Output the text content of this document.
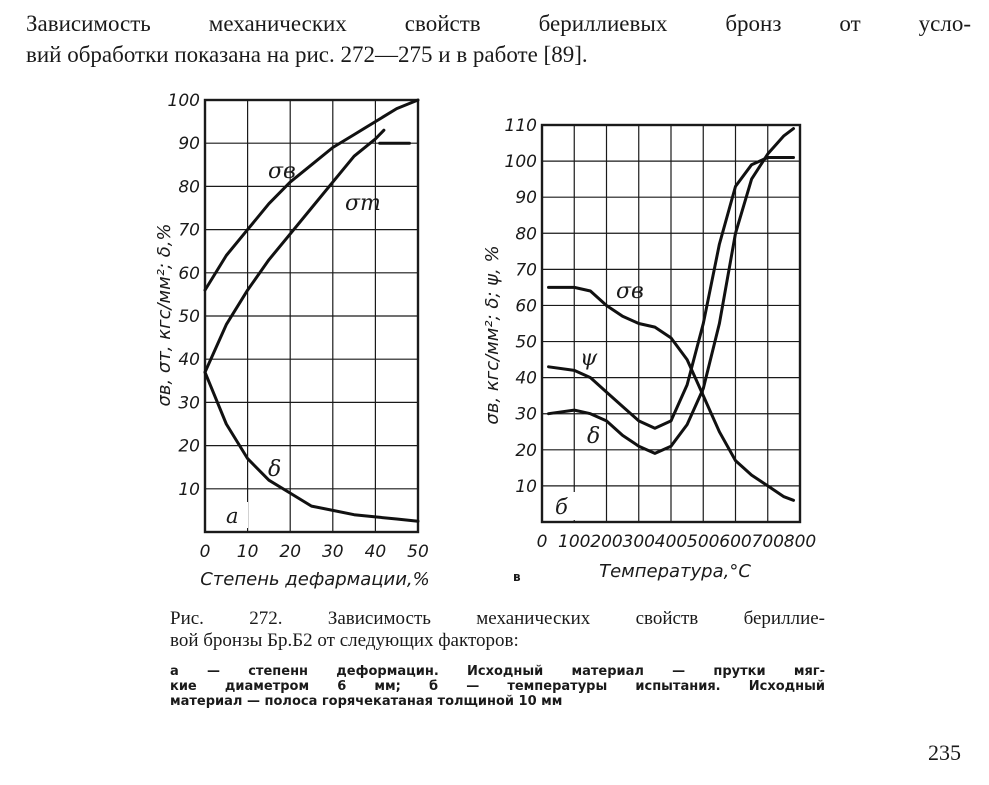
Зависимость механических свойств бериллиевых бронз от усло-
вий обработки показана на рис. 272—275 и в работе [89].

0 10 20 30 40 50
10
20
30
40
50
60
70
80
90
100
а
σв
σт
δ
Степень дефармации,%
σв, σт, кгс/мм²; δ,%
0 100 200 300 400 500 600 700 800
10
20
30
40
50
60
70
80
90
100
110
б
σв
ψ
δ
Температура,°С
σв, кгс/мм²; δ; ψ, %
в

Рис. 272. Зависимость механических свойств бериллие-
вой бронзы Бр.Б2 от следующих факторов:

а — степенн деформацин. Исходный материал — прутки мяг-
кие диаметром 6 мм; б — температуры испытания. Исходный
материал — полоса горячекатаная толщиной 10 мм

235
